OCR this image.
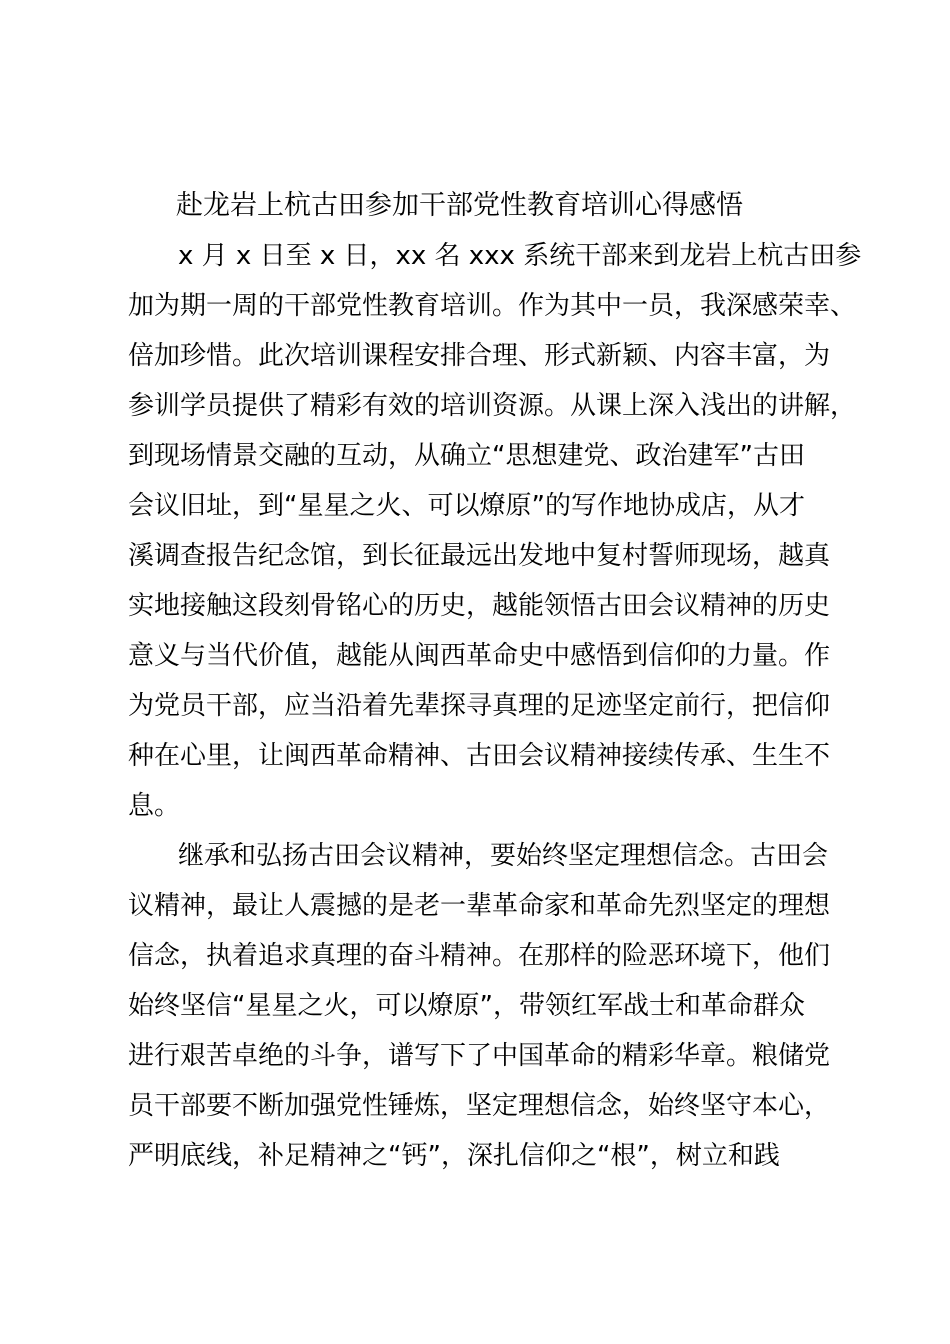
赴龙岩上杭古田参加干部党性教育培训心得感悟
x 月 x 日至 x 日，xx 名 xxx 系统干部来到龙岩上杭古田参
加为期一周的干部党性教育培训。作为其中一员，我深感荣幸、
倍加珍惜。此次培训课程安排合理、形式新颖、内容丰富，为
参训学员提供了精彩有效的培训资源。从课上深入浅出的讲解，
到现场情景交融的互动，从确立“思想建党、政治建军”古田
会议旧址，到“星星之火、可以燎原”的写作地协成店，从才
溪调查报告纪念馆，到长征最远出发地中复村誓师现场，越真
实地接触这段刻骨铭心的历史，越能领悟古田会议精神的历史
意义与当代价值，越能从闽西革命史中感悟到信仰的力量。作
为党员干部，应当沿着先辈探寻真理的足迹坚定前行，把信仰
种在心里，让闽西革命精神、古田会议精神接续传承、生生不
息。
继承和弘扬古田会议精神，要始终坚定理想信念。古田会
议精神，最让人震撼的是老一辈革命家和革命先烈坚定的理想
信念，执着追求真理的奋斗精神。在那样的险恶环境下，他们
始终坚信“星星之火，可以燎原”，带领红军战士和革命群众
进行艰苦卓绝的斗争，谱写下了中国革命的精彩华章。粮储党
员干部要不断加强党性锤炼，坚定理想信念，始终坚守本心，
严明底线，补足精神之“钙”，深扎信仰之“根”，树立和践
